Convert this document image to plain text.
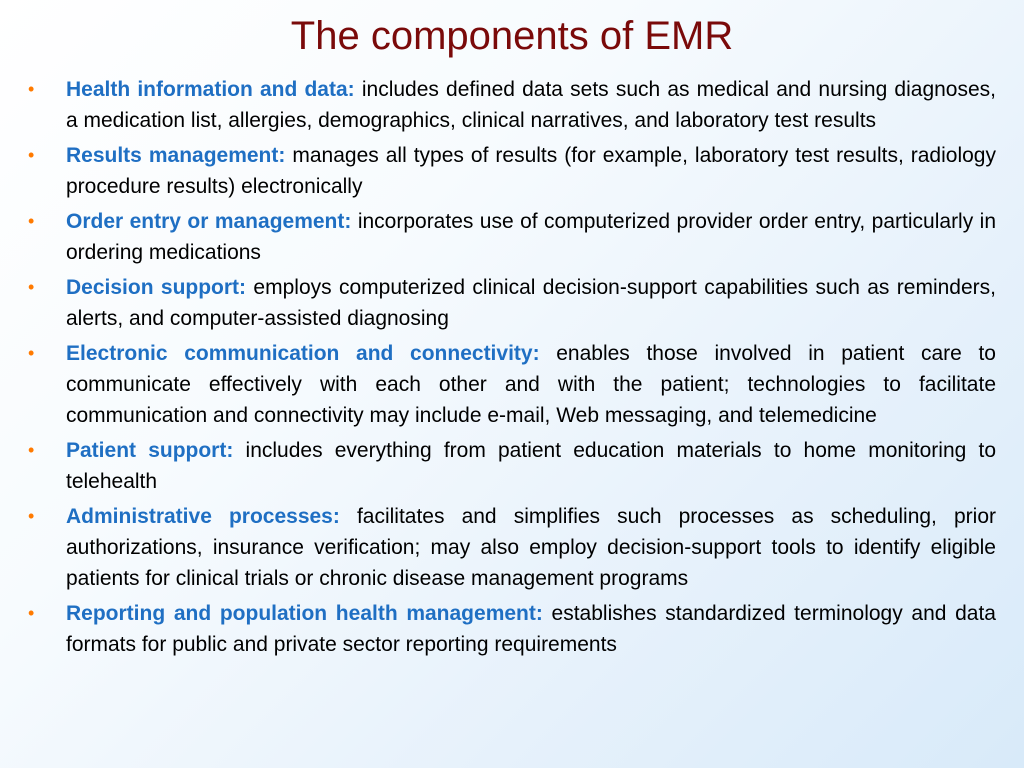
The components of EMR
• Health information and data: includes defined data sets such as medical and nursing diagnoses, a medication list, allergies, demographics, clinical narratives, and laboratory test results
• Results management: manages all types of results (for example, laboratory test results, radiology procedure results) electronically
• Order entry or management: incorporates use of computerized provider order entry, particularly in ordering medications
• Decision support: employs computerized clinical decision-support capabilities such as reminders, alerts, and computer-assisted diagnosing
• Electronic communication and connectivity: enables those involved in patient care to communicate effectively with each other and with the patient; technologies to facilitate communication and connectivity may include e-mail, Web messaging, and telemedicine
• Patient support: includes everything from patient education materials to home monitoring to telehealth
• Administrative processes: facilitates and simplifies such processes as scheduling, prior authorizations, insurance verification; may also employ decision-support tools to identify eligible patients for clinical trials or chronic disease management programs
• Reporting and population health management: establishes standardized terminology and data formats for public and private sector reporting requirements
